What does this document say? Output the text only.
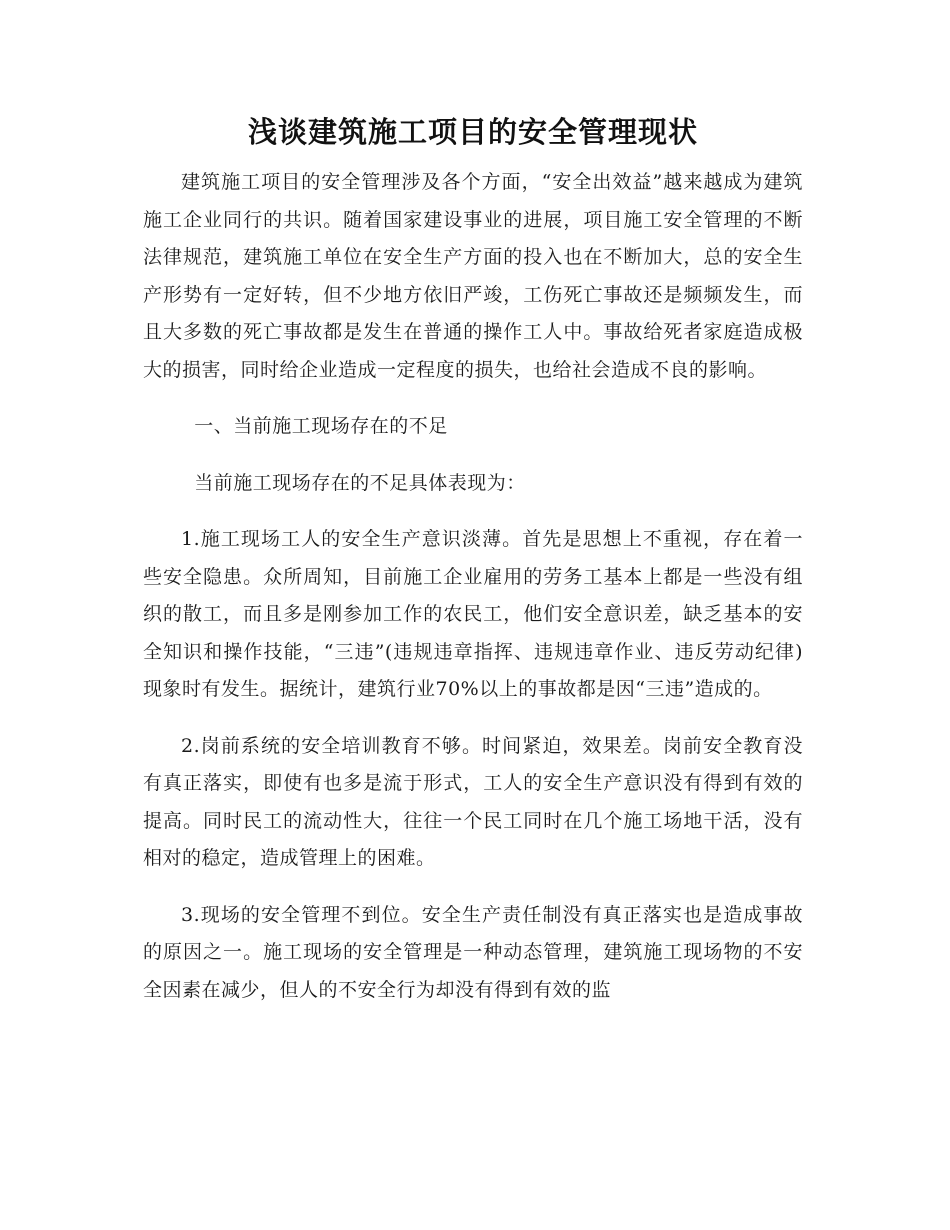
浅谈建筑施工项目的安全管理现状

建筑施工项目的安全管理涉及各个方面，“安全出效益”越来越成为建筑施工企业同行的共识。随着国家建设事业的进展，项目施工安全管理的不断法律规范，建筑施工单位在安全生产方面的投入也在不断加大，总的安全生产形势有一定好转，但不少地方依旧严竣，工伤死亡事故还是频频发生，而且大多数的死亡事故都是发生在普通的操作工人中。事故给死者家庭造成极大的损害，同时给企业造成一定程度的损失，也给社会造成不良的影响。

一、当前施工现场存在的不足

当前施工现场存在的不足具体表现为：

1.施工现场工人的安全生产意识淡薄。首先是思想上不重视，存在着一些安全隐患。众所周知，目前施工企业雇用的劳务工基本上都是一些没有组织的散工，而且多是刚参加工作的农民工，他们安全意识差，缺乏基本的安全知识和操作技能，“三违”(违规违章指挥、违规违章作业、违反劳动纪律)现象时有发生。据统计，建筑行业70%以上的事故都是因“三违”造成的。

2.岗前系统的安全培训教育不够。时间紧迫，效果差。岗前安全教育没有真正落实，即使有也多是流于形式，工人的安全生产意识没有得到有效的提高。同时民工的流动性大，往往一个民工同时在几个施工场地干活，没有相对的稳定，造成管理上的困难。

3.现场的安全管理不到位。安全生产责任制没有真正落实也是造成事故的原因之一。施工现场的安全管理是一种动态管理，建筑施工现场物的不安全因素在减少，但人的不安全行为却没有得到有效的监
